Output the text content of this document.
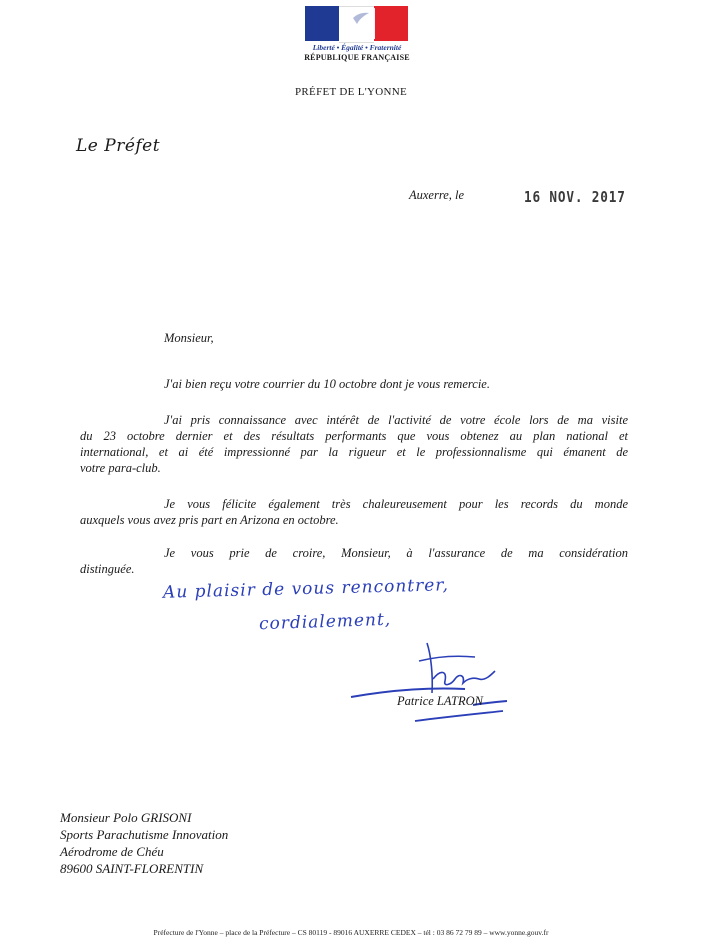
Liberté • Égalité • Fraternité
RÉPUBLIQUE FRANÇAISE
PRÉFET DE L'YONNE
Le Préfet
Auxerre, le	16 NOV. 2017
Monsieur,
J'ai bien reçu votre courrier du 10 octobre dont je vous remercie.
J'ai pris connaissance avec intérêt de l'activité de votre école lors de ma visite
du 23 octobre dernier et des résultats performants que vous obtenez au plan national et
international, et ai été impressionné par la rigueur et le professionnalisme qui émanent de
votre para-club.
Je vous félicite également très chaleureusement pour les records du monde
auxquels vous avez pris part en Arizona en octobre.
Je vous prie de croire, Monsieur, à l'assurance de ma considération
distinguée.
Au plaisir de vous rencontrer,
cordialement,
Patrice LATRON
Monsieur Polo GRISONI
Sports Parachutisme Innovation
Aérodrome de Chéu
89600 SAINT-FLORENTIN
Préfecture de l'Yonne – place de la Préfecture – CS 80119 - 89016 AUXERRE CEDEX – tél : 03 86 72 79 89 – www.yonne.gouv.fr
